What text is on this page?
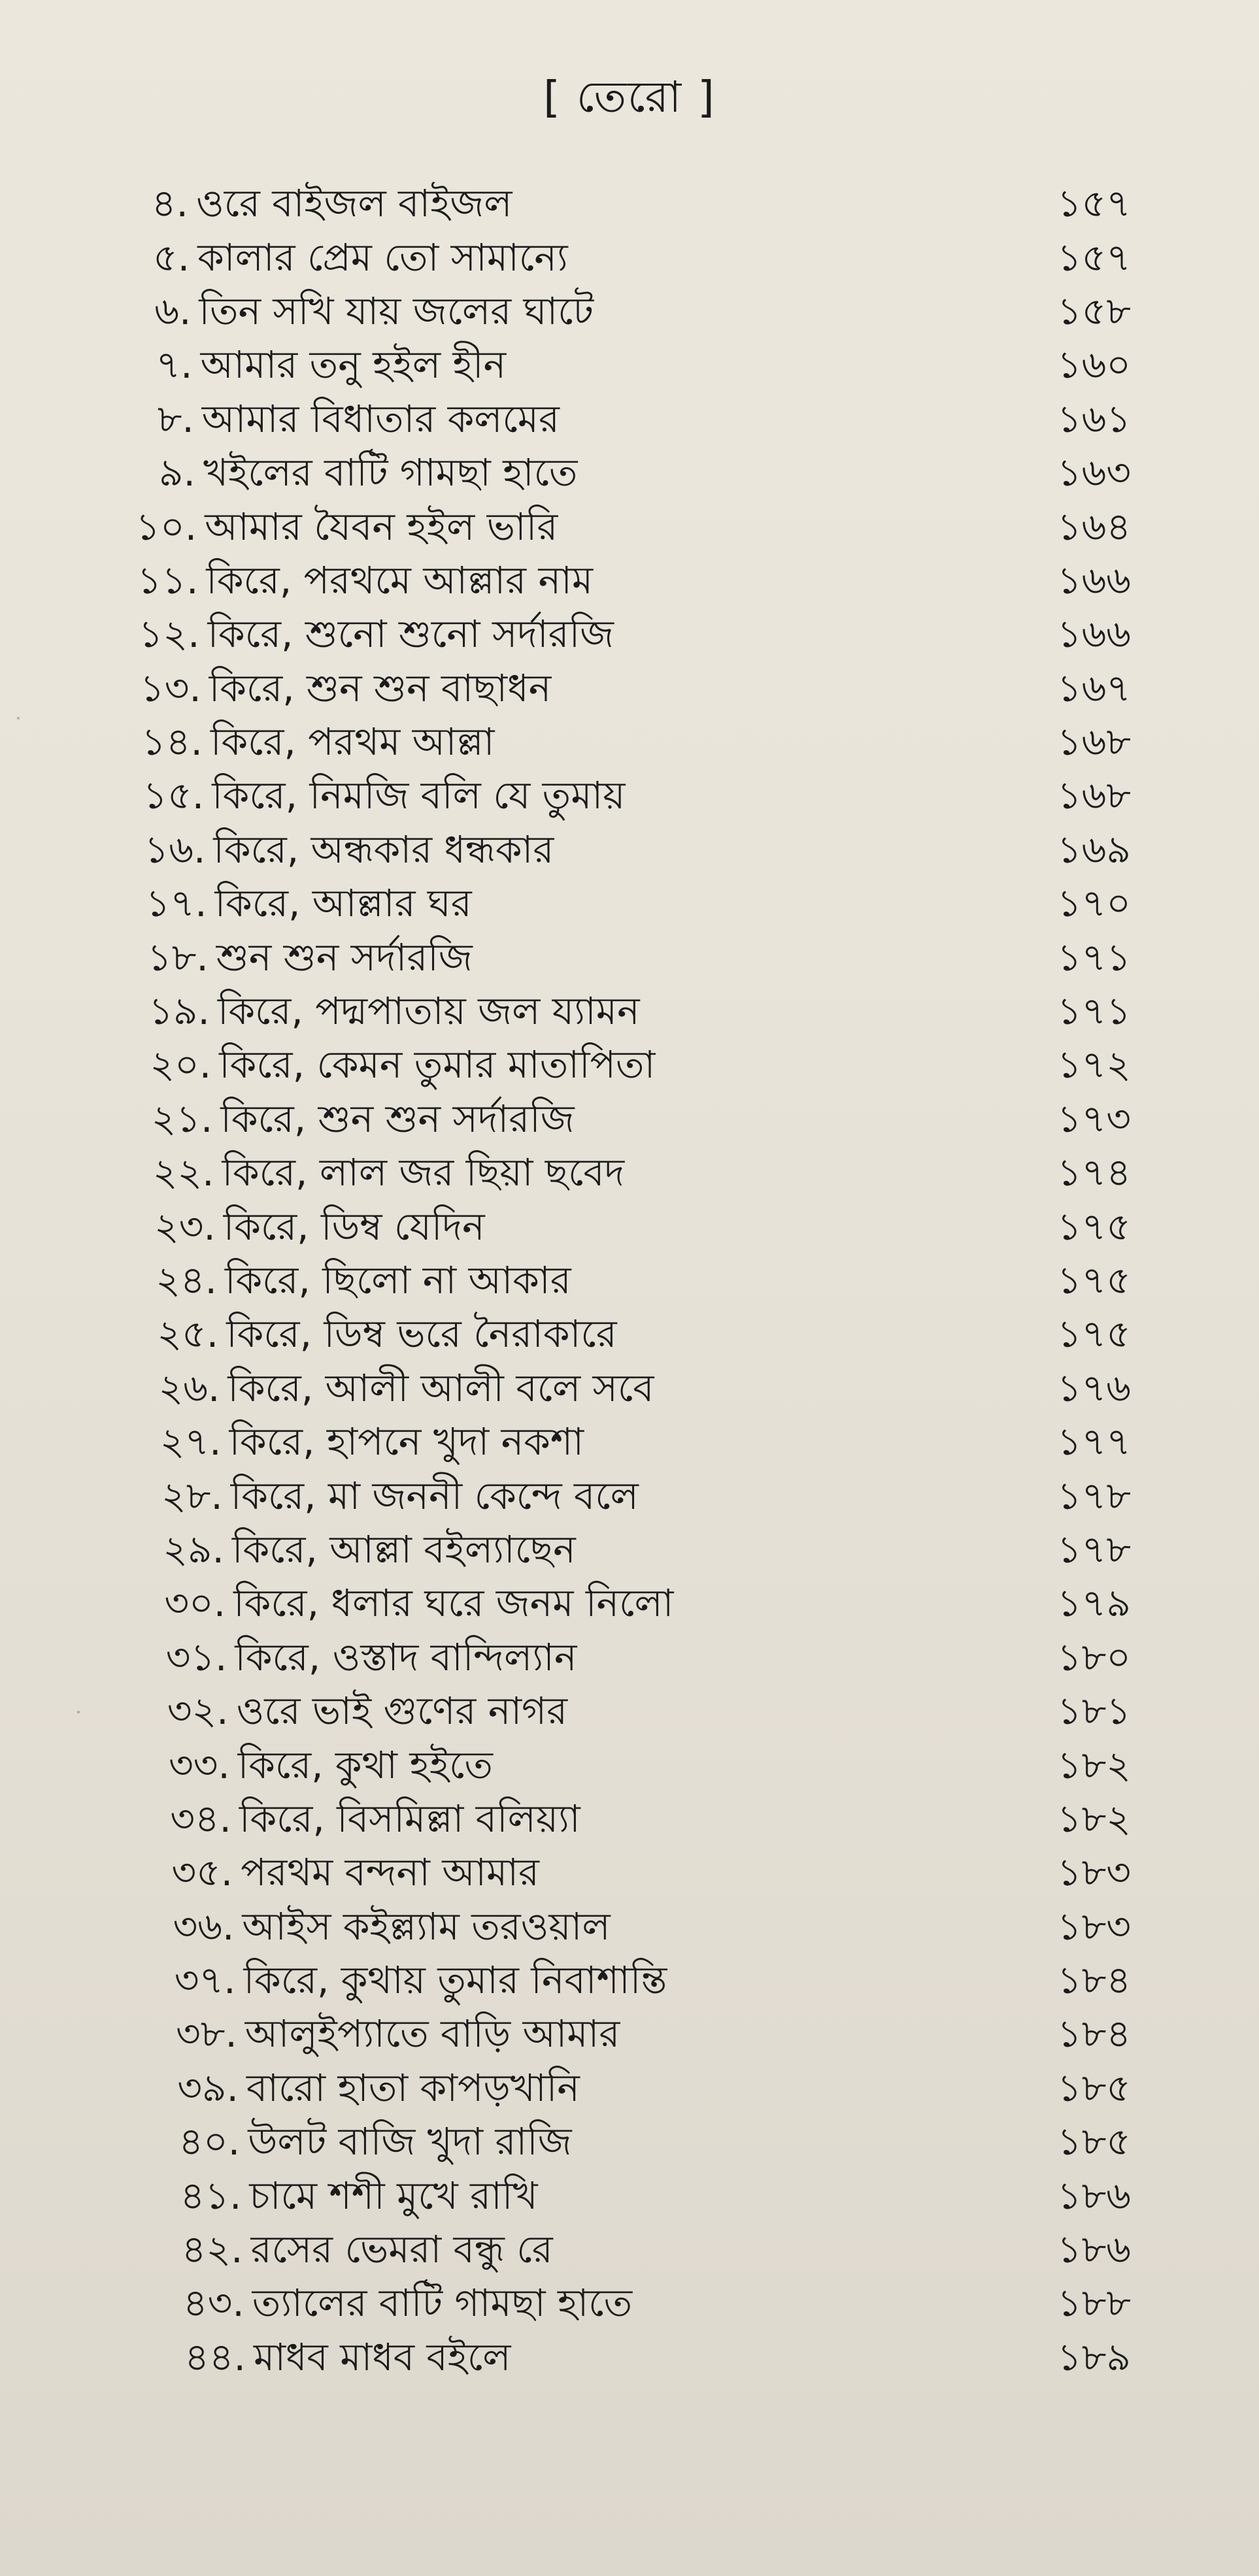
[ তেরো ]
৪. ওরে বাইজল বাইজল	১৫৭
৫. কালার প্রেম তো সামান্যে	১৫৭
৬. তিন সখি যায় জলের ঘাটে	১৫৮
৭. আমার তনু হইল হীন	১৬০
৮. আমার বিধাতার কলমের	১৬১
৯. খইলের বাটি গামছা হাতে	১৬৩
১০. আমার যৈবন হইল ভারি	১৬৪
১১. কিরে, পরথমে আল্লার নাম	১৬৬
১২. কিরে, শুনো শুনো সর্দারজি	১৬৬
১৩. কিরে, শুন শুন বাছাধন	১৬৭
১৪. কিরে, পরথম আল্লা	১৬৮
১৫. কিরে, নিমজি বলি যে তুমায়	১৬৮
১৬. কিরে, অন্ধকার ধন্ধকার	১৬৯
১৭. কিরে, আল্লার ঘর	১৭০
১৮. শুন শুন সর্দারজি	১৭১
১৯. কিরে, পদ্মপাতায় জল য্যামন	১৭১
২০. কিরে, কেমন তুমার মাতাপিতা	১৭২
২১. কিরে, শুন শুন সর্দারজি	১৭৩
২২. কিরে, লাল জর ছিয়া ছবেদ	১৭৪
২৩. কিরে, ডিম্ব যেদিন	১৭৫
২৪. কিরে, ছিলো না আকার	১৭৫
২৫. কিরে, ডিম্ব ভরে নৈরাকারে	১৭৫
২৬. কিরে, আলী আলী বলে সবে	১৭৬
২৭. কিরে, হাপনে খুদা নকশা	১৭৭
২৮. কিরে, মা জননী কেন্দে বলে	১৭৮
২৯. কিরে, আল্লা বইল্যাছেন	১৭৮
৩০. কিরে, ধলার ঘরে জনম নিলো	১৭৯
৩১. কিরে, ওস্তাদ বান্দিল্যান	১৮০
৩২. ওরে ভাই গুণের নাগর	১৮১
৩৩. কিরে, কুথা হইতে	১৮২
৩৪. কিরে, বিসমিল্লা বলিয়্যা	১৮২
৩৫. পরথম বন্দনা আমার	১৮৩
৩৬. আইস কইল্ল্যাম তরওয়াল	১৮৩
৩৭. কিরে, কুথায় তুমার নিবাশান্তি	১৮৪
৩৮. আলুইপ্যাতে বাড়ি আমার	১৮৪
৩৯. বারো হাতা কাপড়খানি	১৮৫
৪০. উলট বাজি খুদা রাজি	১৮৫
৪১. চামে শশী মুখে রাখি	১৮৬
৪২. রসের ভেমরা বন্ধু রে	১৮৬
৪৩. ত্যালের বাটি গামছা হাতে	১৮৮
৪৪. মাধব মাধব বইলে	১৮৯
